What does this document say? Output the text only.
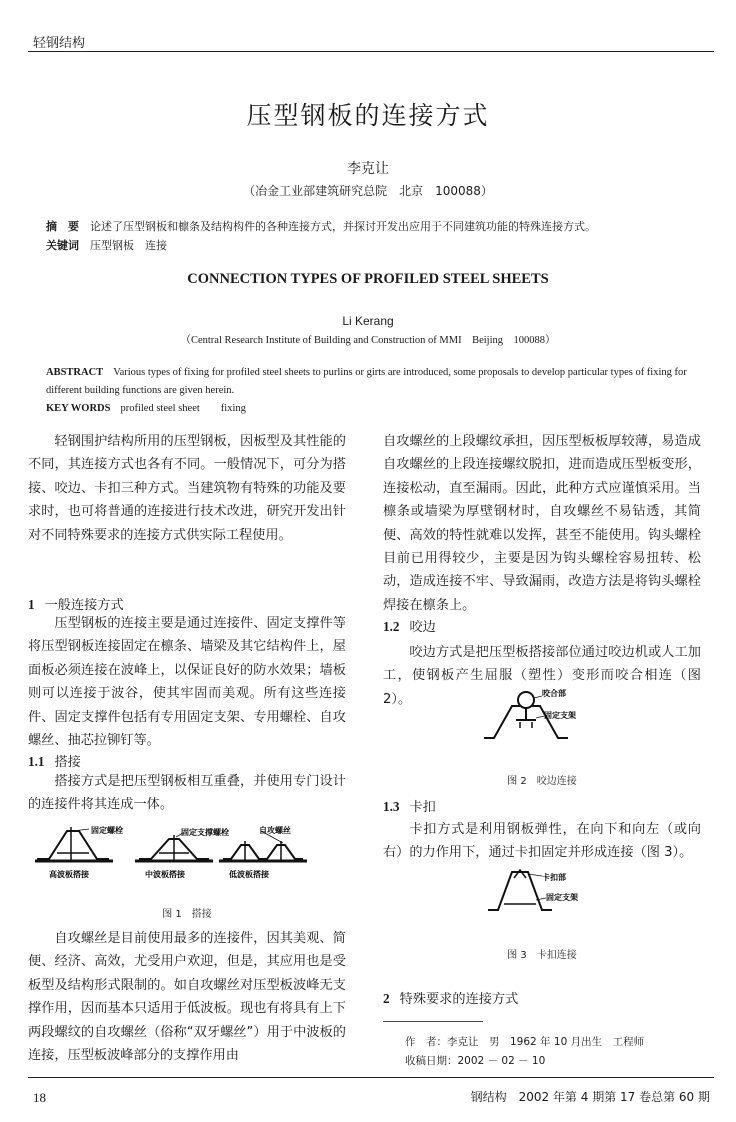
轻钢结构
压型钢板的连接方式
李克让
（冶金工业部建筑研究总院　北京　100088）
摘　要 论述了压型钢板和檩条及结构构件的各种连接方式，并探讨开发出应用于不同建筑功能的特殊连接方式。
关键词 压型钢板　连接
CONNECTION TYPES OF PROFILED STEEL SHEETS
Li Kerang
（Central Research Institute of Building and Construction of MMI　Beijing　100088）
ABSTRACT Various types of fixing for profiled steel sheets to purlins or girts are introduced, some proposals to develop particular types of fixing for different building functions are given herein.
KEY WORDS profiled steel sheet　　fixing
轻钢围护结构所用的压型钢板，因板型及其性能的不同，其连接方式也各有不同。一般情况下，可分为搭接、咬边、卡扣三种方式。当建筑物有特殊的功能及要求时，也可将普通的连接进行技术改进，研究开发出针对不同特殊要求的连接方式供实际工程使用。
1 一般连接方式
压型钢板的连接主要是通过连接件、固定支撑件等将压型钢板连接固定在檩条、墙梁及其它结构件上，屋面板必须连接在波峰上，以保证良好的防水效果；墙板则可以连接于波谷，使其牢固而美观。所有这些连接件、固定支撑件包括有专用固定支架、专用螺栓、自攻螺丝、抽芯拉铆钉等。
1.1 搭接
搭接方式是把压型钢板相互重叠，并使用专门设计的连接件将其连成一体。
固定螺栓	固定支撑螺栓	自攻螺丝
高波板搭接	中波板搭接	低波板搭接
图 1　搭接
自攻螺丝是目前使用最多的连接件，因其美观、简便、经济、高效，尤受用户欢迎，但是，其应用也是受板型及结构形式限制的。如自攻螺丝对压型板波峰无支撑作用，因而基本只适用于低波板。现也有将具有上下两段螺纹的自攻螺丝（俗称“双牙螺丝”）用于中波板的连接，压型板波峰部分的支撑作用由
自攻螺丝的上段螺纹承担，因压型板板厚较薄，易造成自攻螺丝的上段连接螺纹脱扣，进而造成压型板变形，连接松动，直至漏雨。因此，此种方式应谨慎采用。当檩条或墙梁为厚壁钢材时，自攻螺丝不易钻透，其简便、高效的特性就难以发挥，甚至不能使用。钩头螺栓目前已用得较少，主要是因为钩头螺栓容易扭转、松动，造成连接不牢、导致漏雨，改造方法是将钩头螺栓焊接在檩条上。
1.2 咬边
咬边方式是把压型板搭接部位通过咬边机或人工加工，使钢板产生屈服（塑性）变形而咬合相连（图 2）。	咬合部
固定支架
图 2　咬边连接
1.3 卡扣
卡扣方式是利用钢板弹性，在向下和向左（或向右）的力作用下，通过卡扣固定并形成连接（图 3）。
卡扣部
固定支架
图 3　卡扣连接
2 特殊要求的连接方式
作　者：李克让　男　1962 年 10 月出生　工程师
收稿日期：2002 － 02 － 10
18	钢结构　2002 年第 4 期第 17 卷总第 60 期
